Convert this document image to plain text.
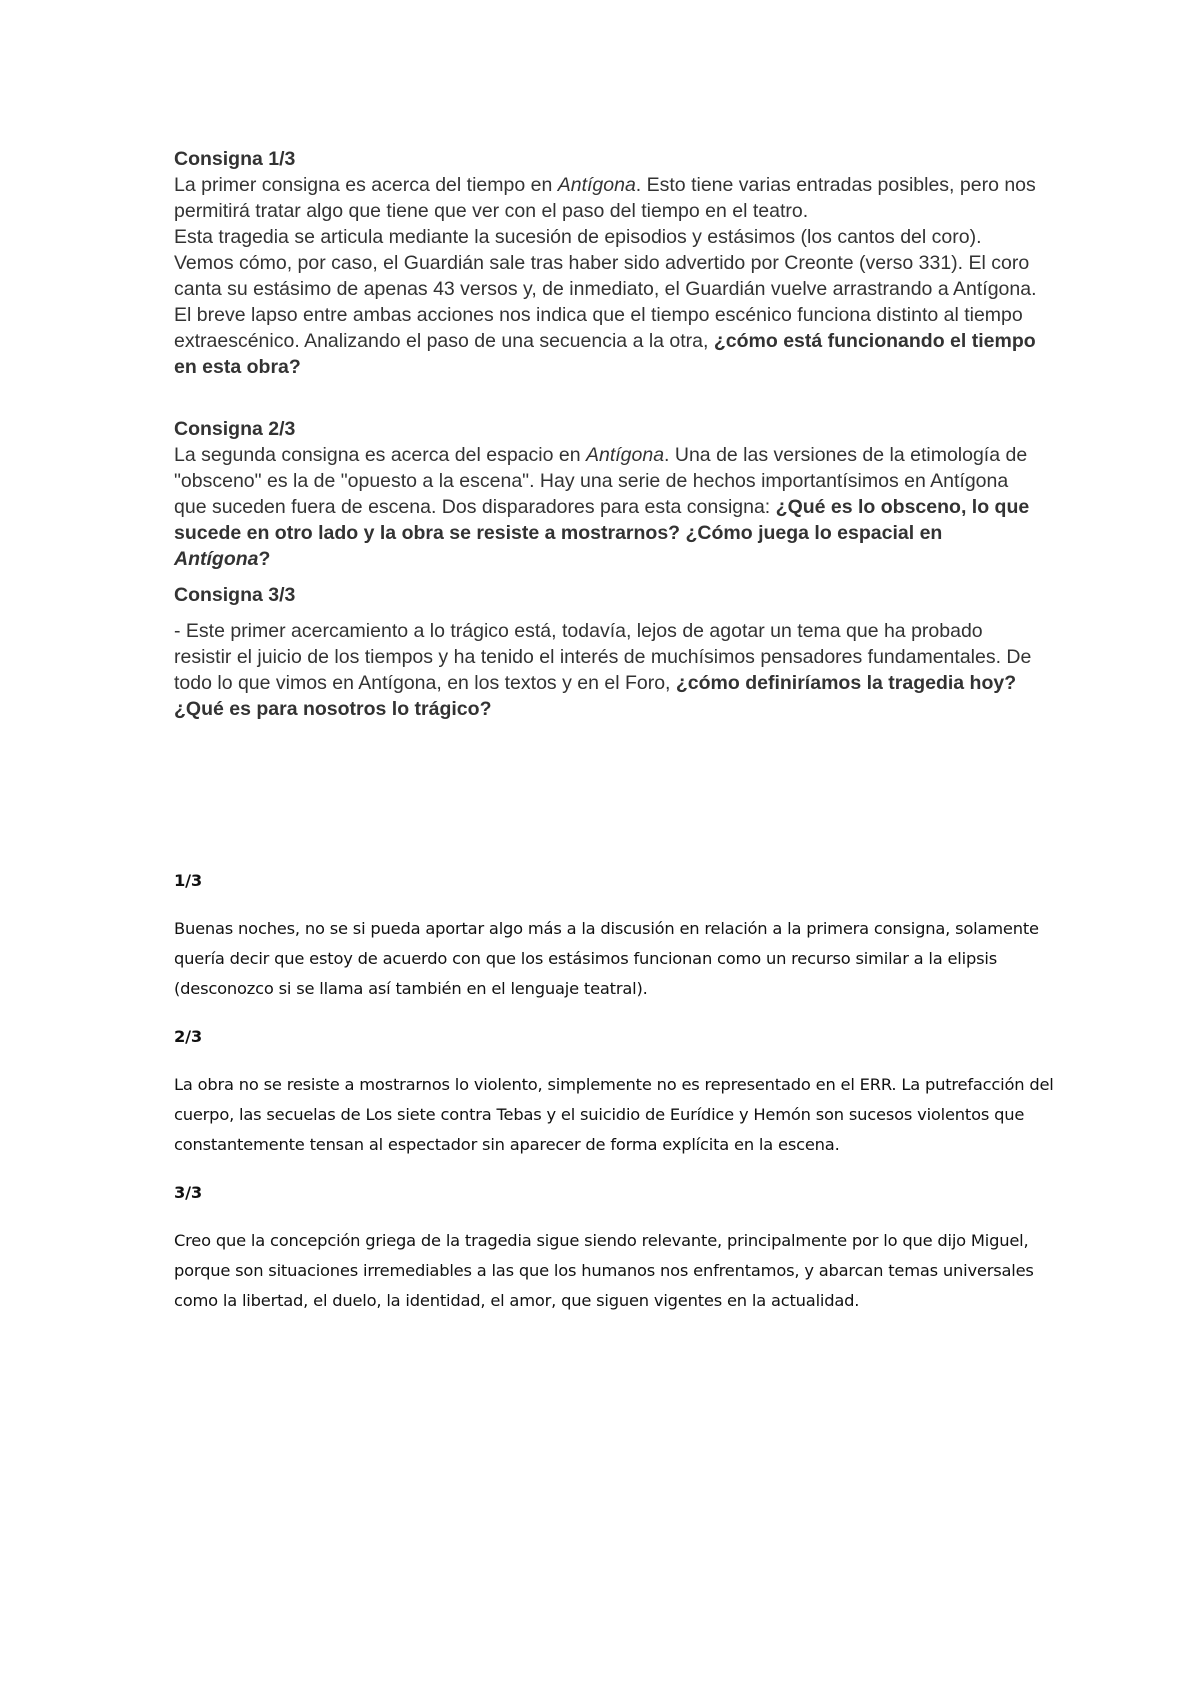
Consigna 1/3

La primer consigna es acerca del tiempo en Antígona. Esto tiene varias entradas posibles, pero nos permitirá tratar algo que tiene que ver con el paso del tiempo en el teatro.
Esta tragedia se articula mediante la sucesión de episodios y estásimos (los cantos del coro). Vemos cómo, por caso, el Guardián sale tras haber sido advertido por Creonte (verso 331). El coro canta su estásimo de apenas 43 versos y, de inmediato, el Guardián vuelve arrastrando a Antígona. El breve lapso entre ambas acciones nos indica que el tiempo escénico funciona distinto al tiempo extraescénico. Analizando el paso de una secuencia a la otra, ¿cómo está funcionando el tiempo en esta obra?

Consigna 2/3

La segunda consigna es acerca del espacio en Antígona. Una de las versiones de la etimología de "obsceno" es la de "opuesto a la escena". Hay una serie de hechos importantísimos en Antígona que suceden fuera de escena. Dos disparadores para esta consigna: ¿Qué es lo obsceno, lo que sucede en otro lado y la obra se resiste a mostrarnos? ¿Cómo juega lo espacial en Antígona?

Consigna 3/3

- Este primer acercamiento a lo trágico está, todavía, lejos de agotar un tema que ha probado resistir el juicio de los tiempos y ha tenido el interés de muchísimos pensadores fundamentales. De todo lo que vimos en Antígona, en los textos y en el Foro, ¿cómo definiríamos la tragedia hoy? ¿Qué es para nosotros lo trágico?

1/3

Buenas noches, no se si pueda aportar algo más a la discusión en relación a la primera consigna, solamente quería decir que estoy de acuerdo con que los estásimos funcionan como un recurso similar a la elipsis (desconozco si se llama así también en el lenguaje teatral).

2/3

La obra no se resiste a mostrarnos lo violento, simplemente no es representado en el ERR. La putrefacción del cuerpo, las secuelas de Los siete contra Tebas y el suicidio de Eurídice y Hemón son sucesos violentos que constantemente tensan al espectador sin aparecer de forma explícita en la escena.

3/3

Creo que la concepción griega de la tragedia sigue siendo relevante, principalmente por lo que dijo Miguel, porque son situaciones irremediables a las que los humanos nos enfrentamos, y abarcan temas universales como la libertad, el duelo, la identidad, el amor, que siguen vigentes en la actualidad.
